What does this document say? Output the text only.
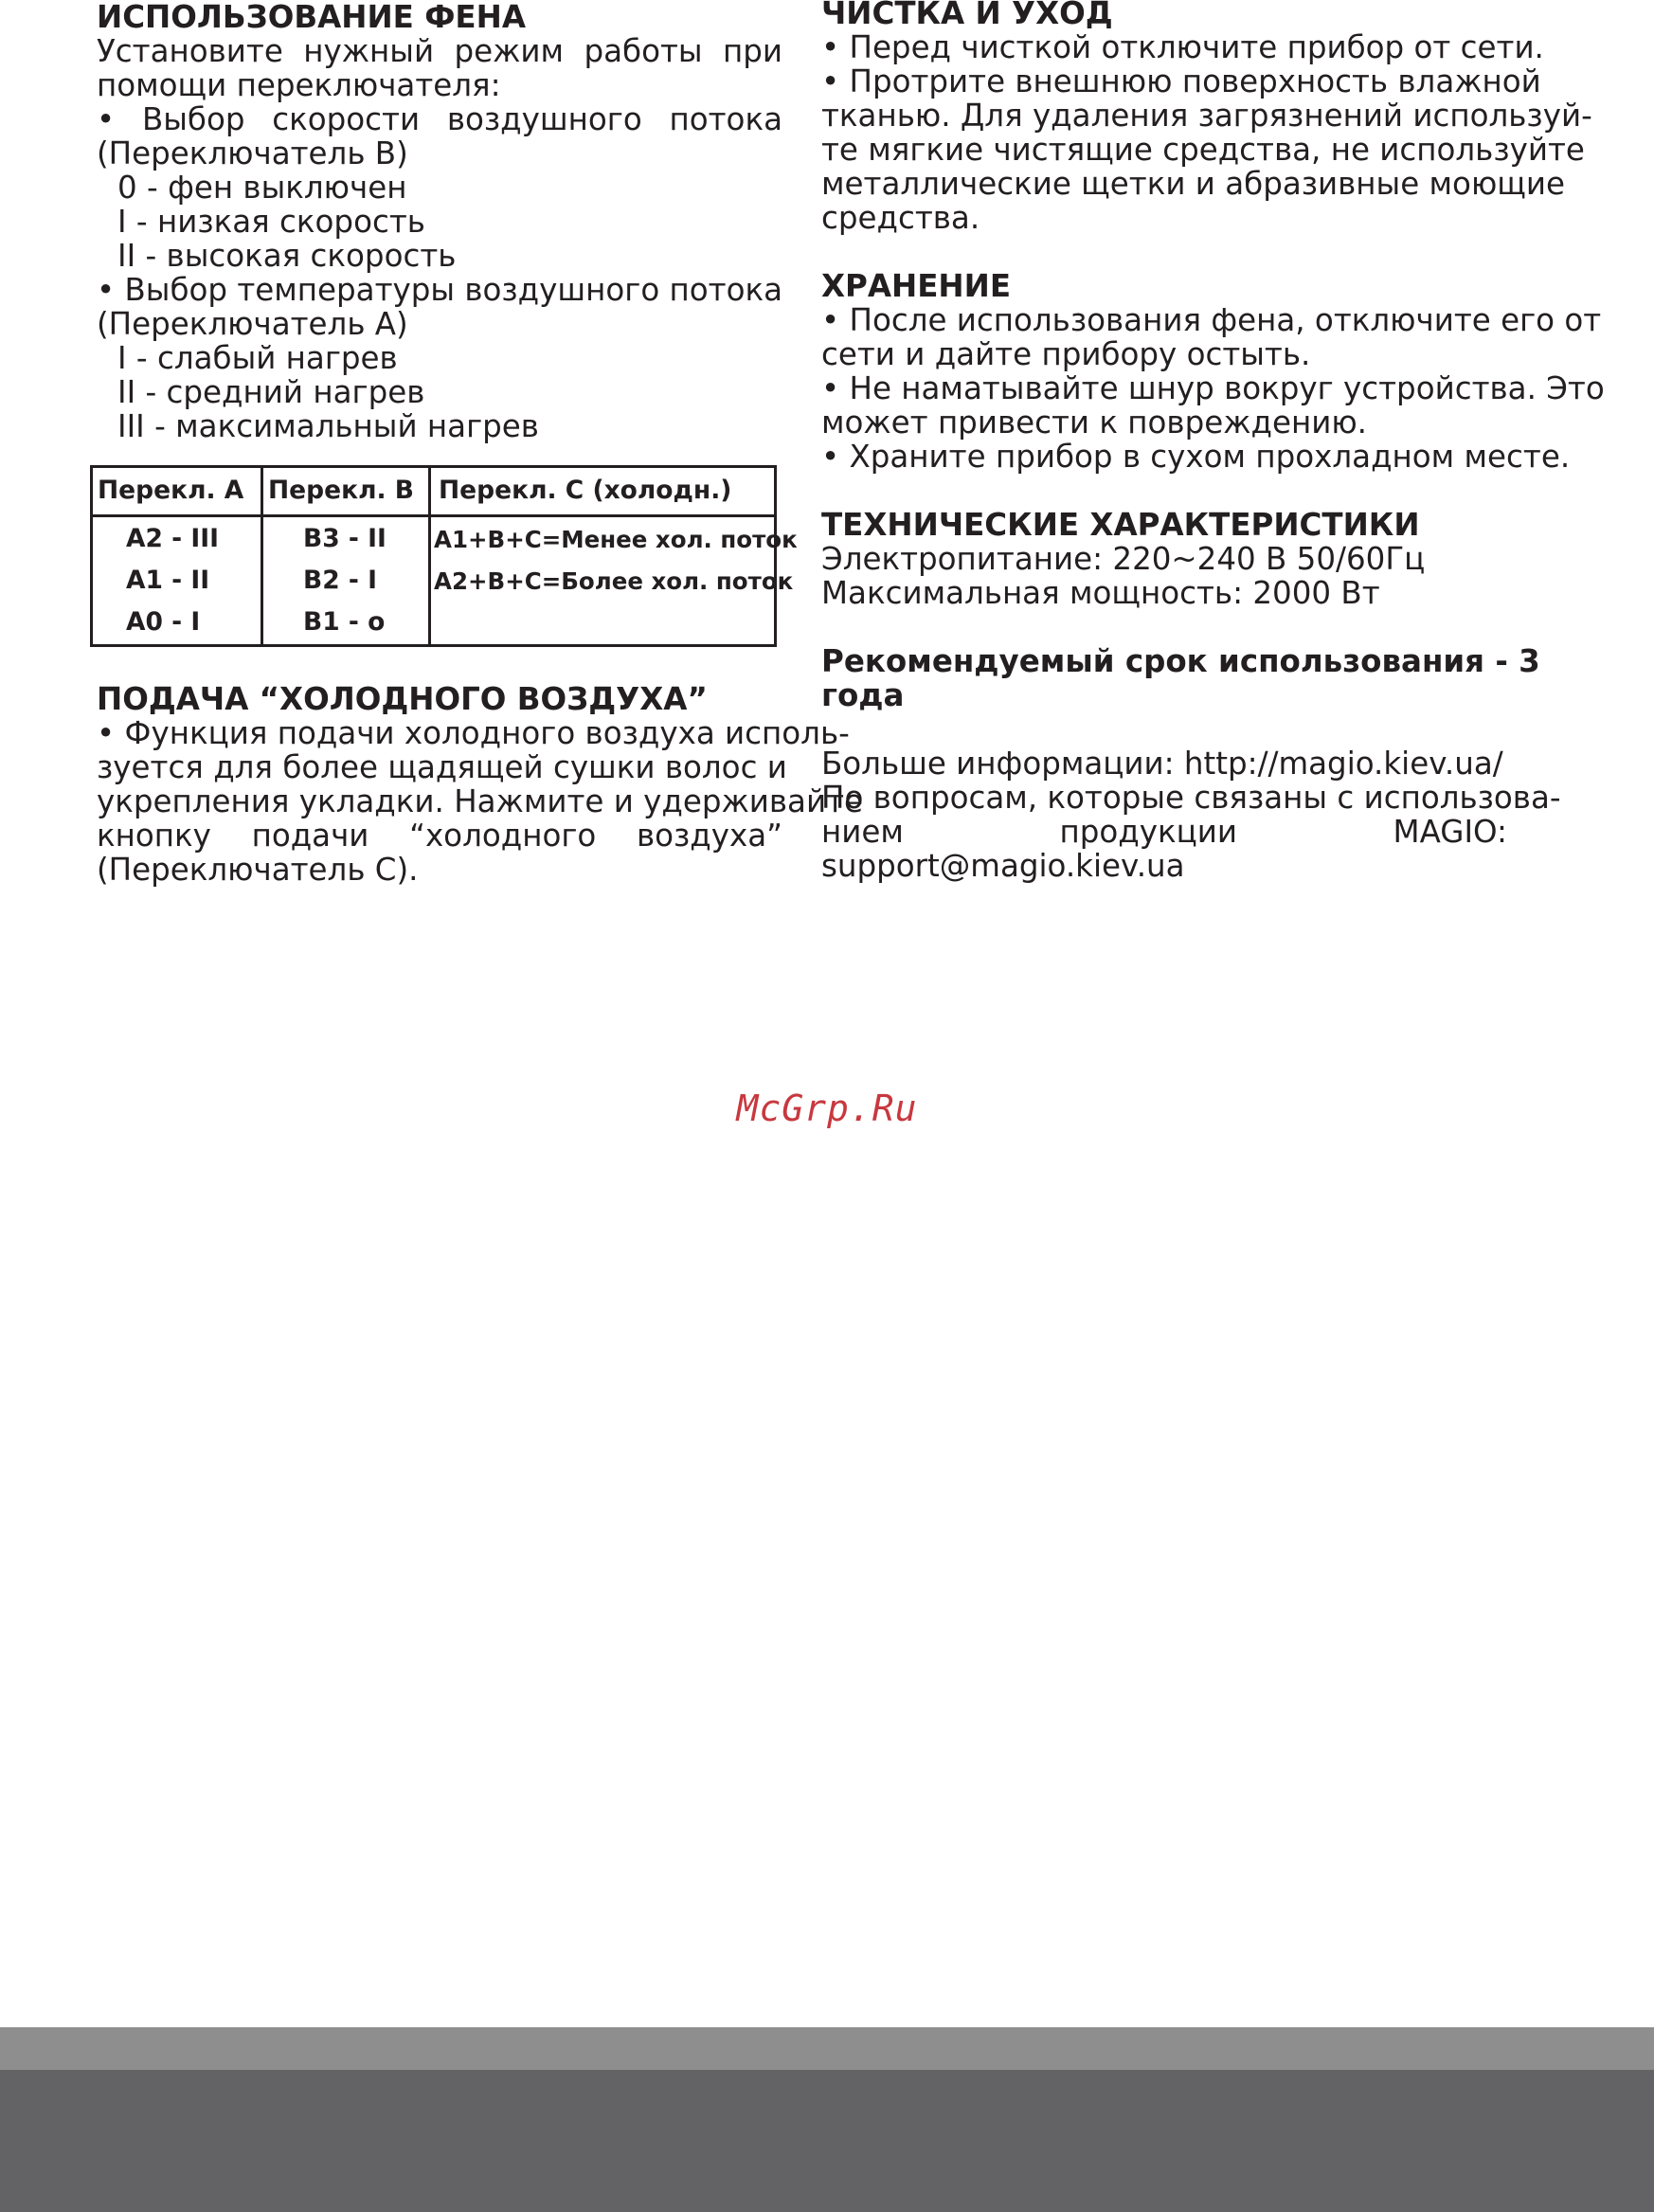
ИСПОЛЬЗОВАНИЕ ФЕНА
Установите нужный режим работы при
помощи переключателя:
• Выбор скорости воздушного потока
(Переключатель В)
0 - фен выключен
I - низкая скорость
II - высокая скорость
• Выбор температуры воздушного потока
(Переключатель А)
I - слабый нагрев
II - средний нагрев
III - максимальный нагрев
ПОДАЧА “ХОЛОДНОГО ВОЗДУХА”
• Функция подачи холодного воздуха исполь-
зуется для более щадящей сушки волос и
укрепления укладки. Нажмите и удерживайте
кнопку подачи “холодного воздуха”
(Переключатель С).
Перекл. А Перекл. В Перекл. С (холодн.)
A2 - III
A1 - II
A0 - I
B3 - II
B2 - I
B1 - o
A1+B+C=Менее хол. поток
A2+B+C=Более хол. поток
ЧИСТКА И УХОД
• Перед чисткой отключите прибор от сети.
• Протрите внешнюю поверхность влажной
тканью. Для удаления загрязнений используй-
те мягкие чистящие средства, не используйте
металлические щетки и абразивные моющие
средства.
ХРАНЕНИЕ
• После использования фена, отключите его от
сети и дайте прибору остыть.
• Не наматывайте шнур вокруг устройства. Это
может привести к повреждению.
• Храните прибор в сухом прохладном месте.
ТЕХНИЧЕСКИЕ ХАРАКТЕРИСТИКИ
Электропитание: 220~240 В 50/60Гц
Максимальная мощность: 2000 Вт
Рекомендуемый срок использования - 3
года
Больше информации: http://magio.kiev.ua/
По вопросам, которые связаны с использова-
нием продукции MAGIO:
support@magio.kiev.ua
McGrp.Ru
